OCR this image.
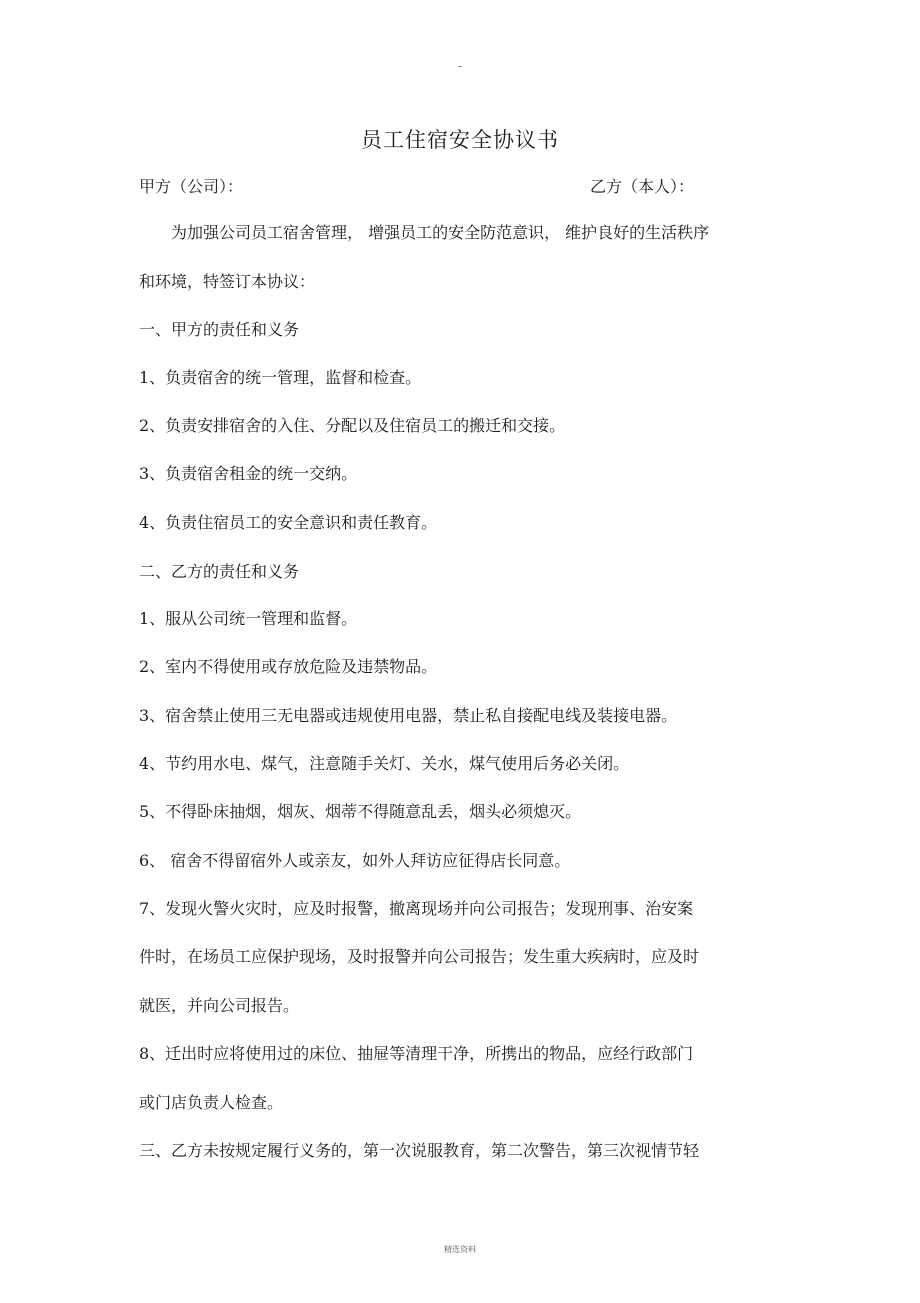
–
员工住宿安全协议书
甲方（公司）：	乙方（本人）：
　　为加强公司员工宿舍管理， 增强员工的安全防范意识， 维护良好的生活秩序
和环境，特签订本协议：
一、甲方的责任和义务
1、负责宿舍的统一管理，监督和检查。
2、负责安排宿舍的入住、分配以及住宿员工的搬迁和交接。
3、负责宿舍租金的统一交纳。
4、负责住宿员工的安全意识和责任教育。
二、乙方的责任和义务
1、服从公司统一管理和监督。
2、室内不得使用或存放危险及违禁物品。
3、宿舍禁止使用三无电器或违规使用电器，禁止私自接配电线及装接电器。
4、节约用水电、煤气，注意随手关灯、关水，煤气使用后务必关闭。
5、不得卧床抽烟，烟灰、烟蒂不得随意乱丢，烟头必须熄灭。
6、 宿舍不得留宿外人或亲友，如外人拜访应征得店长同意。
7、发现火警火灾时，应及时报警，撤离现场并向公司报告；发现刑事、治安案
件时，在场员工应保护现场，及时报警并向公司报告；发生重大疾病时，应及时
就医，并向公司报告。
8、迁出时应将使用过的床位、抽屉等清理干净，所携出的物品，应经行政部门
或门店负责人检查。
三、乙方未按规定履行义务的，第一次说服教育，第二次警告，第三次视情节轻
精选资料
